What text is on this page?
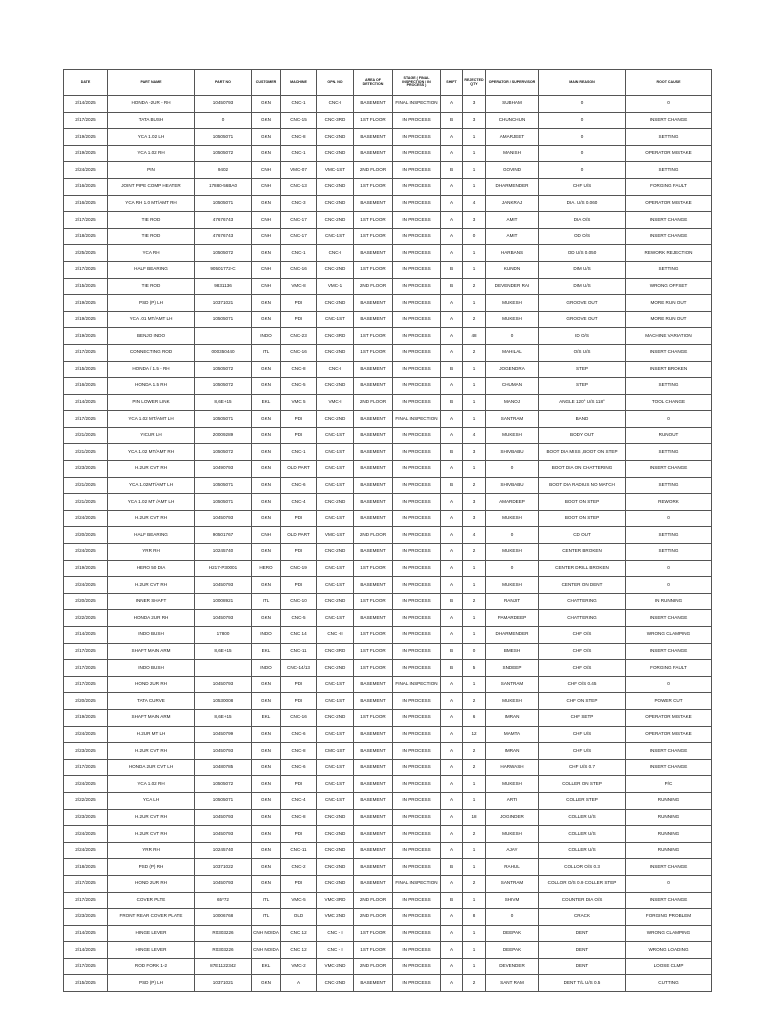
DATE	PART NAME	PART NO	CUSTOMER	MACHINE	OPN. NO	AREA OF DETECTION	STAGE ( FINAL INSPECTION / IN PROCESS )	SHIFT	REJECTED QTY	OPERATOR / SUPERVISOR	MAIN REASON	ROOT CAUSE
2/14/2025	HONDA -2UR - RH	10450793	GKN	CNC-1	CNC-I	BASEMENT	FINAL INSPECTION	A	3	SUBHAM	0	0
2/17/2025	TATA BUSH	0	GKN	CNC-15	CNC-3RD	1ST FLOOR	IN PROCESS	B	3	CHUNCHUN	0	INSERT CHANGE
2/19/2025	YCA 1.02 LH	10505071	GKN	CNC-8	CNC-2ND	BASEMENT	IN PROCESS	A	1	AMARJEET	0	SETTING
2/19/2025	YCA 1.02 RH	10505072	GKN	CNC-1	CNC-2ND	BASEMENT	IN PROCESS	A	1	MANISH	0	OPERATOR MISTAKE
2/24/2025	PIN	9402	CNH	VMC-07	VMC-1ST	2ND FLOOR	IN PROCESS	B	1	GOVIND	0	SETTING
2/16/2025	JOINT PIPE COMP HEATER	17880-56BA0	CNH	CNC-13	CNC-2ND	1ST FLOOR	IN PROCESS	A	1	DHARMENDER	CHF U/S	FORGING FAULT
2/16/2025	YCA RH 1.0 MT/AMT RH	10505071	GKN	CNC-3	CNC-2ND	BASEMENT	IN PROCESS	A	4	JANKRAJ	DIA. U/S 0.060	OPERATOR MISTAKE
2/17/2025	TIE ROD	47676743	CNH	CNC-17	CNC-2ND	1ST FLOOR	IN PROCESS	A	3	AMIT	DIA O/S	INSERT CHANGE
2/18/2025	TIE ROD	47676743	CNH	CNC-17	CNC-1ST	1ST FLOOR	IN PROCESS	A	0	AMIT	OD O/S	INSERT CHANGE
2/25/2025	YCA RH	10505072	GKN	CNC-1	CNC-I	BASEMENT	IN PROCESS	A	1	HARBANS	OD U/S 0.050	REWORK REJECTION
2/17/2025	HALF BEARING	90501772-C	CNH	CNC-16	CNC-2ND	1ST FLOOR	IN PROCESS	B	1	KUNDN	DIM U/S	SETTING
2/15/2025	TIE ROD	9831136	CNH	VMC-8	VMC-1	2ND FLOOR	IN PROCESS	B	2	DEVENDER RAI	DIM U/S	WRONG OFFSET
2/19/2025	PSD (P) LH	10371021	GKN	PDI	CNC-2ND	BASEMENT	IN PROCESS	A	1	MUKESH	GROOVE OUT	MORE RUN OUT
2/19/2025	YCA .01 MT/AMT LH	10505071	GKN	PDI	CNC-1ST	BASEMENT	IN PROCESS	A	2	MUKESH	GROOVE OUT	MORE RUN OUT
2/19/2025	BENJO INDO		INDO	CNC-23	CNC-3RD	1ST FLOOR	IN PROCESS	A	48	0	ID O/S	MACHINE VARIATION
2/17/2025	CONNECTING ROD	000350440	ITL	CNC-16	CNC-2ND	1ST FLOOR	IN PROCESS	A	2	MAHILAL	O/S U/S	INSERT CHANGE
2/15/2025	HONDA / 1.5 - RH	10505072	GKN	CNC-8	CNC-I	BASEMENT	IN PROCESS	B	1	JOGENDRA	STEP	INSERT BROKEN
2/16/2025	HONDA 1.5 RH	10505072	GKN	CNC-5	CNC-2ND	BASEMENT	IN PROCESS	A	1	CHUMAN	STEP	SETTING
2/14/2025	PIN LOWER LINK	8,6E+15	EKL	VMC 5	VMC-I	2ND FLOOR	IN PROCESS	B	1	MANOJ	ANGLE 120° U/S 118°	TOOL CHANGE
2/17/2025	YCA 1.02 MT/AMT LH	10505071	GKN	PDI	CNC-2ND	BASEMENT	FINAL INSPECTION	A	1	SANTRAM	BAND	0
2/21/2025	YICUR LH	20009289	GKN	PDI	CNC-1ST	BASEMENT	IN PROCESS	A	4	MUKESH	BODY OUT	RUNOUT
2/21/2025	YCA 1.02 MT/AMT RH	10505072	GKN	CNC-1	CNC-1ST	BASEMENT	IN PROCESS	B	3	SHIVBABU	BOOT DIA MISS ,BOOT ON STEP	SETTING
2/23/2025	H.2UR CVT RH	10490793	GKN	OLD PART	CNC-1ST	BASEMENT	IN PROCESS	A	1	0	BOOT DIA ON CHATTERING	INSERT CHANGE
2/21/2025	YCA 1.02MT/AMT LH	10505071	GKN	CNC-6	CNC-1ST	BASEMENT	IN PROCESS	B	2	SHIVBABU	BOOT DIA RADIUS NO MATCH	SETTING
2/21/2025	YCA 1.02 MT /AMT LH	10505071	GKN	CNC-4	CNC-2ND	BASEMENT	IN PROCESS	A	3	AMARDEEP	BOOT ON STEP	REWORK
2/24/2025	H.2UR CVT RH	10450793	GKN	PDI	CNC-1ST	BASEMENT	IN PROCESS	A	3	MUKESH	BOOT ON STEP	0
2/20/2025	HALF BEARING	90501767	CNH	OLD PART	VMC-1ST	2ND FLOOR	IN PROCESS	A	4	0	CD OUT	SETTING
2/24/2025	YRR RH	10245740	GKN	PDI	CNC-2ND	BASEMENT	IN PROCESS	A	2	MUKESH	CENTER BROKEN	SETTING
2/19/2025	HERO 50 DIA	H217-P30001	HERO	CNC-19	CNC-1ST	1ST FLOOR	IN PROCESS	A	1	0	CENTER DRILL BROKEN	0
2/24/2025	H.2UR CVT RH	10450793	GKN	PDI	CNC-1ST	BASEMENT	IN PROCESS	A	1	MUKESH	CENTER ON DENT	0
2/20/2025	INNER SHAFT	10008921	ITL	CNC-10	CNC-2ND	1ST FLOOR	IN PROCESS	B	2	RANJIT	CHATTERING	IN RUNNING
2/22/2025	HONDA 2UR RH	10450793	GKN	CNC-5	CNC-1ST	BASEMENT	IN PROCESS	A	1	PAMARDEEP	CHATTERING	INSERT CHANGE
2/14/2025	INDO BUSH	17800	INDO	CNC 14	CNC -II	1ST FLOOR	IN PROCESS	A	1	DHARMENDER	CHF O/S	WRONG CLAMPING
2/17/2025	SHAFT MAIN ARM	8,6E+15	EKL	CNC-11	CNC-3RD	1ST FLOOR	IN PROCESS	B	0	BMESH	CHF O/S	INSERT CHANGE
2/17/2025	INDO BUSH		INDO	CNC-14/13	CNC-2ND	1ST FLOOR	IN PROCESS	B	5	SNDEEP	CHF O/S	FORGING FAULT
2/17/2025	HOND 2UR RH	10450793	GKN	PDI	CNC-1ST	BASEMENT	FINAL INSPECTION	A	1	SANTRAM	CHF O/S 0.45	0
2/20/2025	TATA CURVE	10530008	GKN	PDI	CNC-1ST	BASEMENT	IN PROCESS	A	2	MUKESH	CHF ON STEP	POWER CUT
2/19/2025	SHAFT MAIN ARM	8,6E+15	EKL	CNC-16	CNC-2ND	1ST FLOOR	IN PROCESS	A	6	IMRAN	CHF SETP	OPERATOR MISTAKE
2/24/2025	H.2UR MT LH	10450799	GKN	CNC-6	CNC-1ST	BASEMENT	IN PROCESS	A	12	MAMTA	CHF U/S	OPERATOR MISTAKE
2/23/2025	H.2UR CVT RH	10450793	GKN	CNC-8	CMC-1ST	BASEMENT	IN PROCESS	A	2	IMRAN	CHF U/S	INSERT CHANGE
2/17/2025	HONDA 2UR CVT LH	10480785	GKN	CNC-6	CNC-1ST	BASEMENT	IN PROCESS	A	2	HARWASH	CHF U/S 0.7	INSERT CHANGE
2/24/2025	YCA 1.02 RH	10505072	GKN	PDI	CNC-1ST	BASEMENT	IN PROCESS	A	1	MUKESH	COLLER ON STEP	P/C
2/22/2025	YCA LH	10505071	GKN	CNC-4	CNC-1ST	BASEMENT	IN PROCESS	A	1	ARTI	COLLER STEP	RUNNING
2/23/2025	H.2UR CVT RH	10450793	GKN	CNC-8	CNC-2ND	BASEMENT	IN PROCESS	A	18	JOGINDER	COLLER U/S	RUNNING
2/24/2025	H.2UR CVT RH	10450793	GKN	PDI	CNC-2ND	BASEMENT	IN PROCESS	A	2	MUKESH	COLLER U/S	RUNNING
2/24/2025	YRR RH	10245740	GKN	CNC-11	CNC-2ND	BASEMENT	IN PROCESS	A	1	AJAY	COLLER U/S	RUNNING
2/18/2025	PSD (P) RH	10371022	GKN	CNC-2	CNC-2ND	BASEMENT	IN PROCESS	B	1	RAHUL	COLLOR O/S 0.3	INSERT CHANGE
2/17/2025	HOND 2UR RH	10450793	GKN	PDI	CNC-2ND	BASEMENT	FINAL INSPECTION	A	2	SANTRAM	COLLOR O/S 0.9 COLLER STEP	0
2/17/2025	COVER PLTE	65*72	ITL	VMC-5	VMC-3RD	2ND FLOOR	IN PROCESS	B	1	SHIVM	COUNTER DIA O/S	INSERT CHANGE
2/23/2025	FRONT REAR COVER PLATE	10006768	ITL	OLD	VMC 2ND	2ND FLOOR	IN PROCESS	A	8	0	CRACK	FORGING PROBLEM
2/14/2025	HINGE LEVER	R0303226	CNH NOIDA	CNC 12	CNC - I	1ST FLOOR	IN PROCESS	A	1	DEEPAK	DENT	WRONG CLAMPING
2/14/2025	HINGE LEVER	R0303226	CNH NOIDA	CNC 12	CNC - I	1ST FLOOR	IN PROCESS	A	1	DEEPAK	DENT	WRONG LOADING
2/17/2025	ROD FORK 1-2	87E1122342	EKL	VMC-2	VMC-2ND	2ND FLOOR	IN PROCESS	A	1	DEVENDER	DENT	LOOSE CLMP
2/15/2025	PSD (P) LH	10371021	GKN	A	CNC-2ND	BASEMENT	IN PROCESS	A	2	SANT RAM	DENT T/L U/S 0.5	CUTTING
